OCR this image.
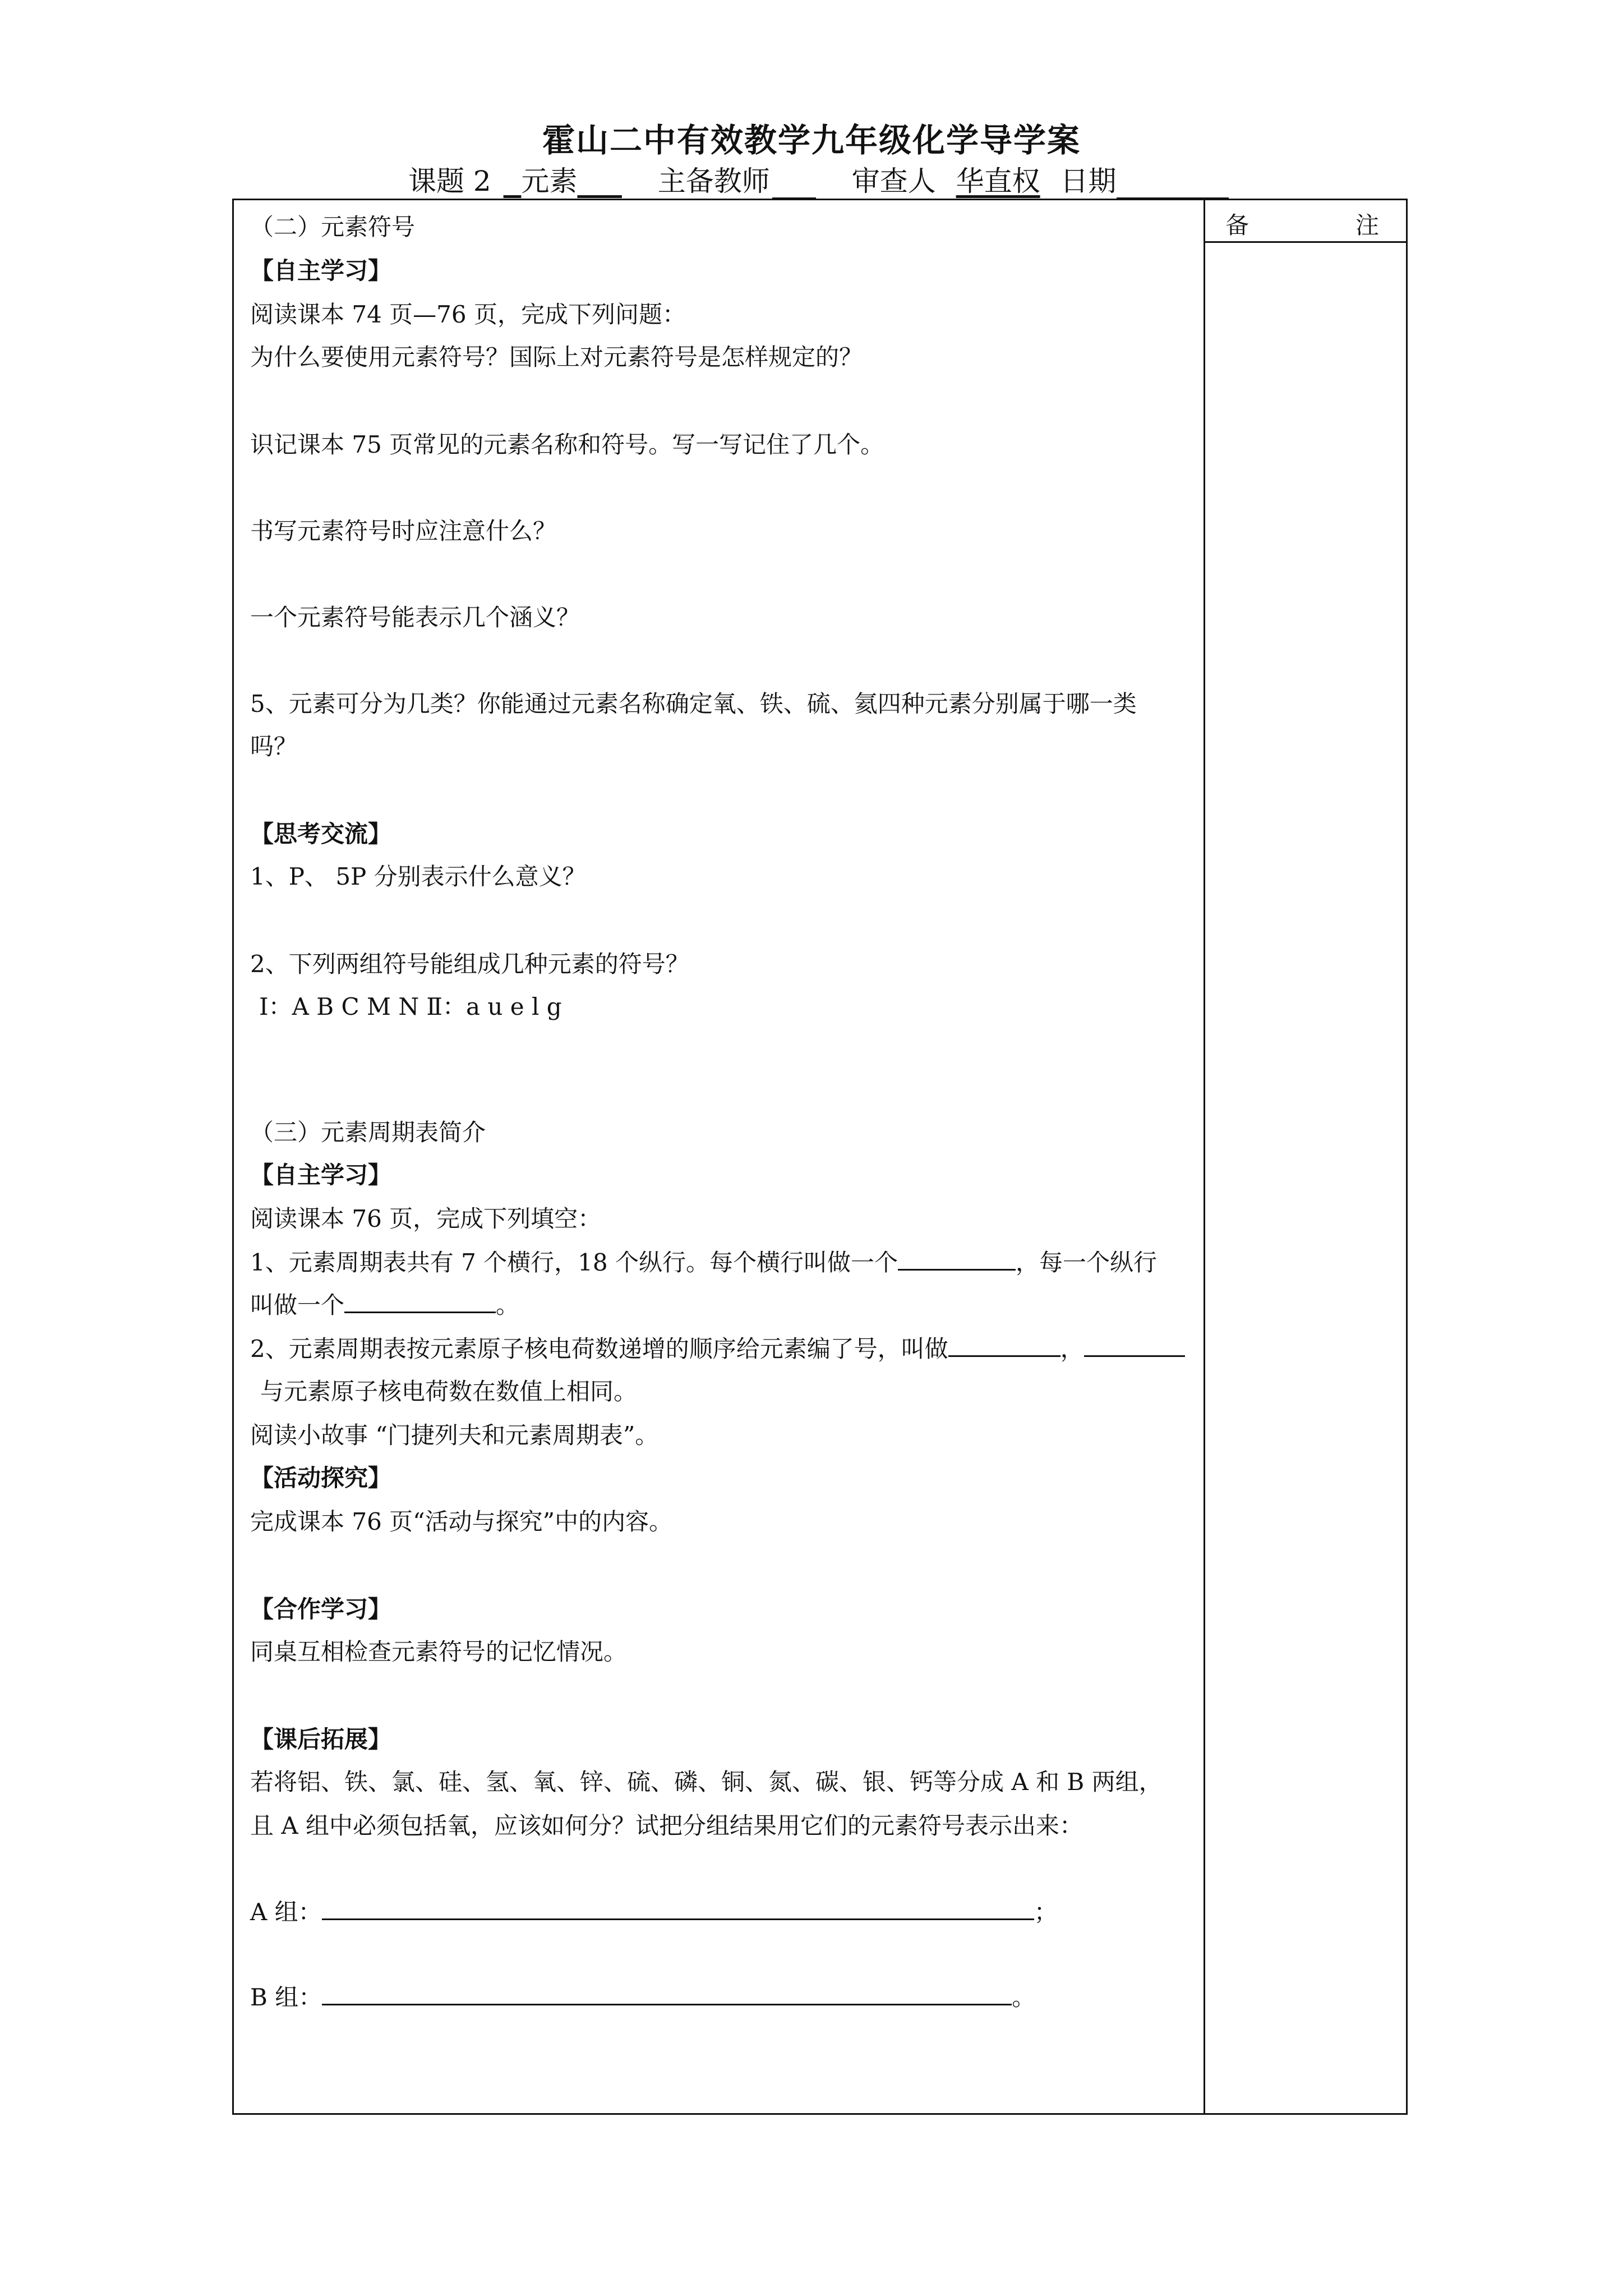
霍山二中有效教学九年级化学导学案
课题 2 元素	主备教师	审查人 华直权 日期
备	注
（二）元素符号
【自主学习】
阅读课本 74 页—76 页，完成下列问题：
为什么要使用元素符号？国际上对元素符号是怎样规定的？
识记课本 75 页常见的元素名称和符号。写一写记住了几个。
书写元素符号时应注意什么？
一个元素符号能表示几个涵义？
5、元素可分为几类？你能通过元素名称确定氧、铁、硫、氦四种元素分别属于哪一类
吗？
【思考交流】
1、P、 5P 分别表示什么意义？
2、下列两组符号能组成几种元素的符号？
Ⅰ：A B C M N Ⅱ：a u e l g
（三）元素周期表简介
【自主学习】
阅读课本 76 页，完成下列填空：
1、元素周期表共有 7 个横行，18 个纵行。每个横行叫做一个	，每一个纵行
叫做一个	。
2、元素周期表按元素原子核电荷数递增的顺序给元素编了号，叫做	，
与元素原子核电荷数在数值上相同。
阅读小故事 “门捷列夫和元素周期表”。
【活动探究】
完成课本 76 页“活动与探究”中的内容。
【合作学习】
同桌互相检查元素符号的记忆情况。
【课后拓展】
若将铝、铁、氯、硅、氢、氧、锌、硫、磷、铜、氮、碳、银、钙等分成 A 和 B 两组，
且 A 组中必须包括氧，应该如何分？试把分组结果用它们的元素符号表示出来：
A 组：	；
B 组：	。
